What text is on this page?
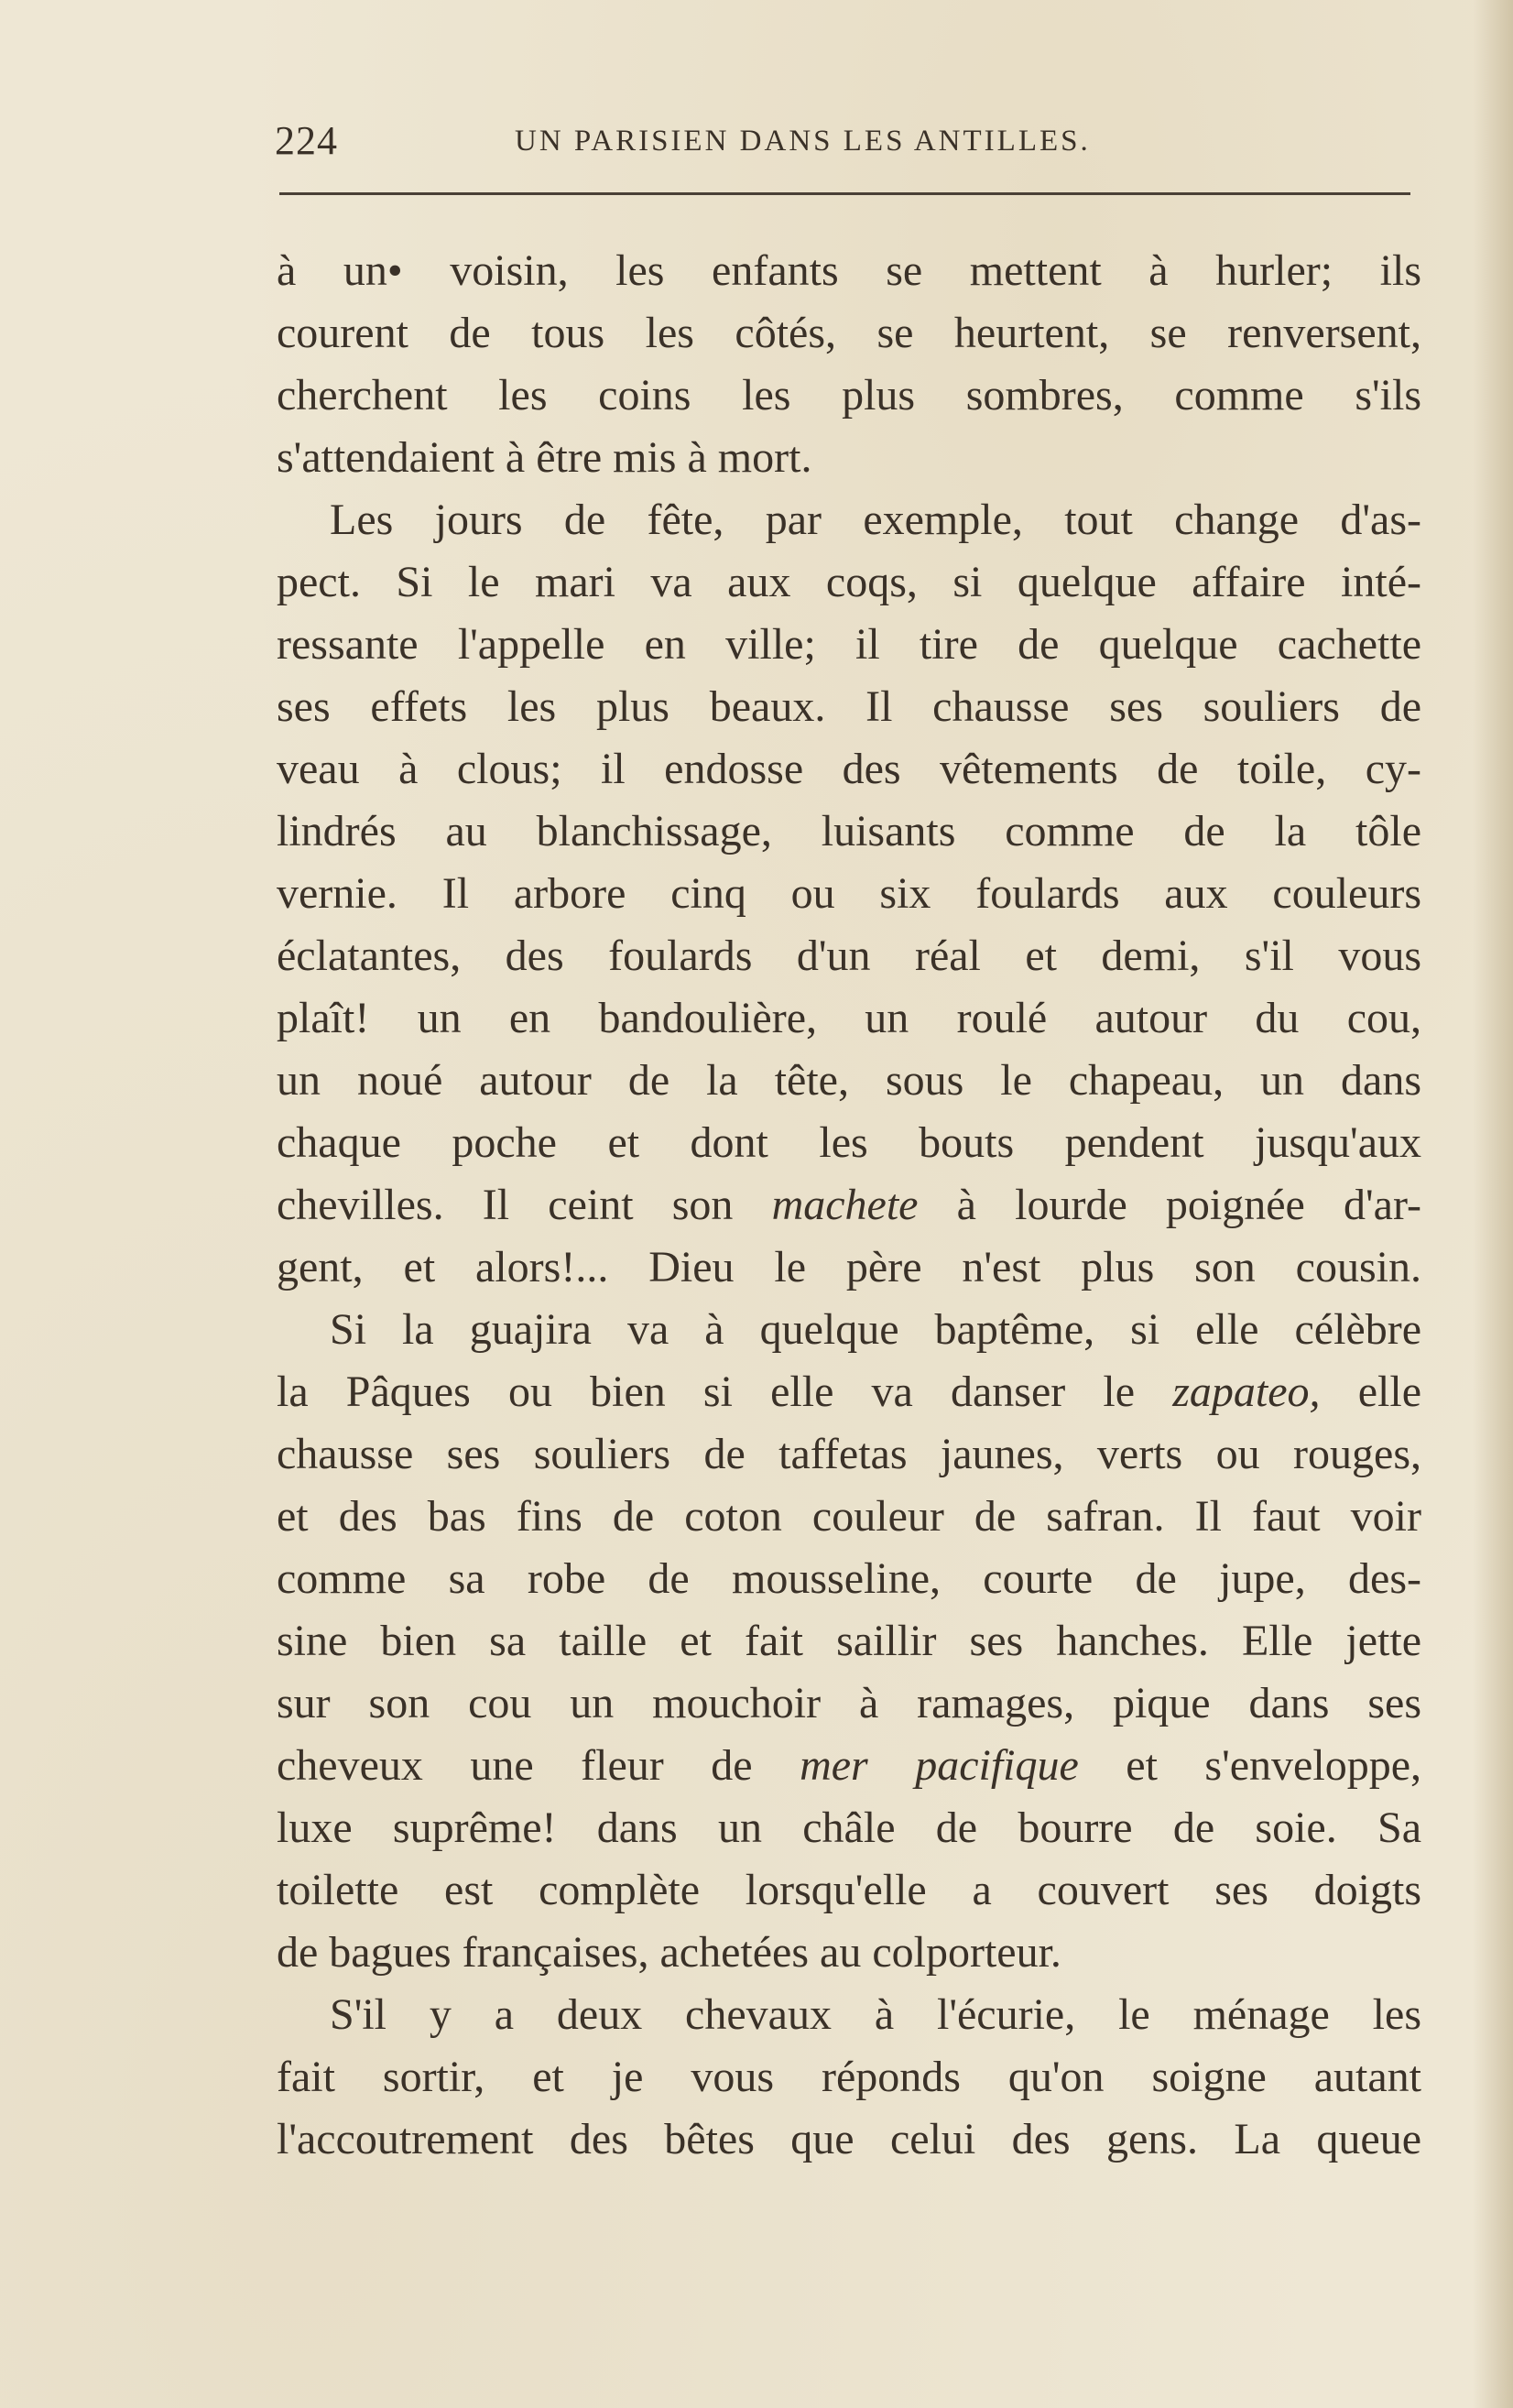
224	UN PARISIEN DANS LES ANTILLES.
à un• voisin, les enfants se mettent à hurler; ils
courent de tous les côtés, se heurtent, se renversent,
cherchent les coins les plus sombres, comme s'ils
s'attendaient à être mis à mort.
Les jours de fête, par exemple, tout change d'as-
pect. Si le mari va aux coqs, si quelque affaire inté-
ressante l'appelle en ville; il tire de quelque cachette
ses effets les plus beaux. Il chausse ses souliers de
veau à clous; il endosse des vêtements de toile, cy-
lindrés au blanchissage, luisants comme de la tôle
vernie. Il arbore cinq ou six foulards aux couleurs
éclatantes, des foulards d'un réal et demi, s'il vous
plaît! un en bandoulière, un roulé autour du cou,
un noué autour de la tête, sous le chapeau, un dans
chaque poche et dont les bouts pendent jusqu'aux
chevilles. Il ceint son machete à lourde poignée d'ar-
gent, et alors!... Dieu le père n'est plus son cousin.
Si la guajira va à quelque baptême, si elle célèbre
la Pâques ou bien si elle va danser le zapateo, elle
chausse ses souliers de taffetas jaunes, verts ou rouges,
et des bas fins de coton couleur de safran. Il faut voir
comme sa robe de mousseline, courte de jupe, des-
sine bien sa taille et fait saillir ses hanches. Elle jette
sur son cou un mouchoir à ramages, pique dans ses
cheveux une fleur de mer pacifique et s'enveloppe,
luxe suprême! dans un châle de bourre de soie. Sa
toilette est complète lorsqu'elle a couvert ses doigts
de bagues françaises, achetées au colporteur.
S'il y a deux chevaux à l'écurie, le ménage les
fait sortir, et je vous réponds qu'on soigne autant
l'accoutrement des bêtes que celui des gens. La queue
